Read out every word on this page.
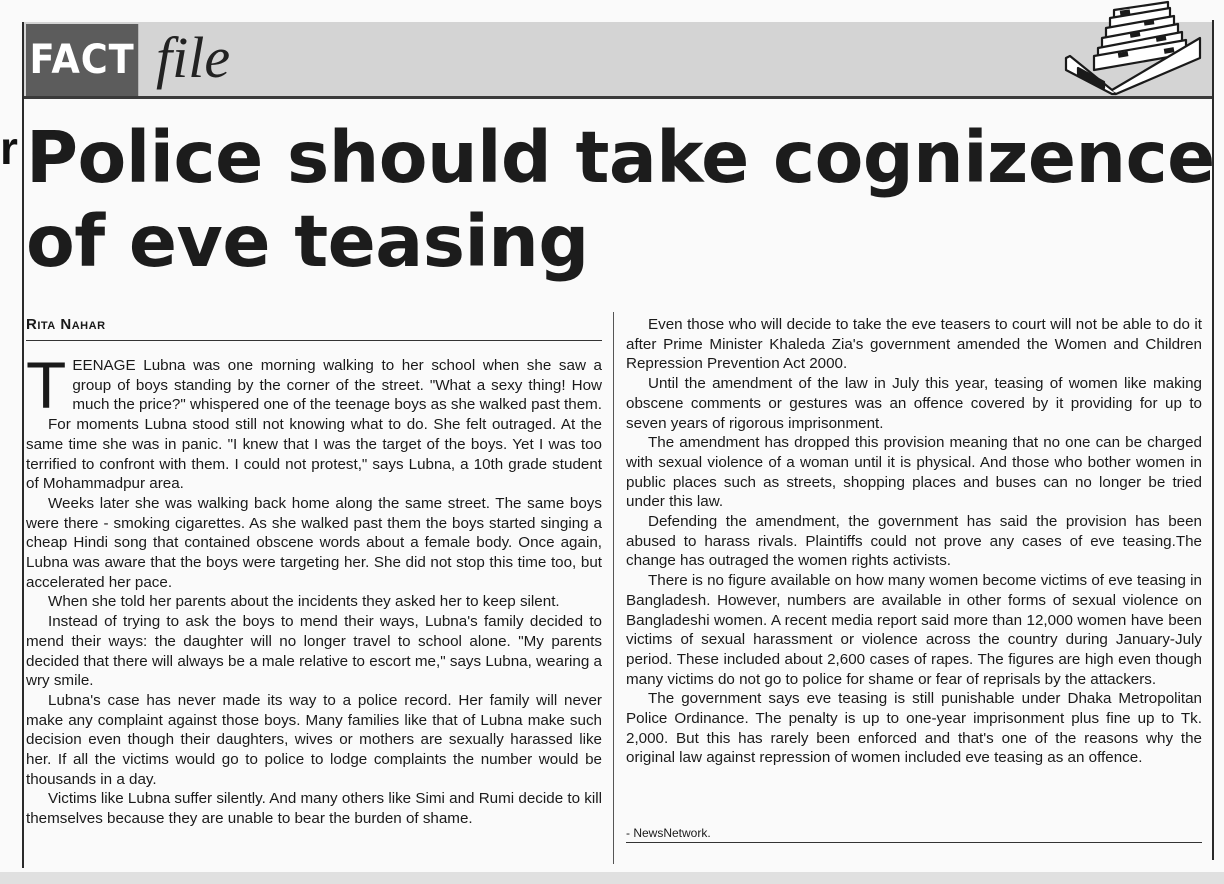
FACT file
r Police should take cognizence of eve teasing
Rita Nahar

TEENAGE Lubna was one morning walking to her school when she saw a group of boys standing by the corner of the street. "What a sexy thing! How much the price?" whispered one of the teenage boys as she walked past them.

For moments Lubna stood still not knowing what to do. She felt outraged. At the same time she was in panic. "I knew that I was the target of the boys. Yet I was too terrified to confront with them. I could not protest," says Lubna, a 10th grade student of Mohammadpur area.

Weeks later she was walking back home along the same street. The same boys were there - smoking cigarettes. As she walked past them the boys started singing a cheap Hindi song that contained obscene words about a female body. Once again, Lubna was aware that the boys were targeting her. She did not stop this time too, but accelerated her pace.

When she told her parents about the incidents they asked her to keep silent.

Instead of trying to ask the boys to mend their ways, Lubna's family decided to mend their ways: the daughter will no longer travel to school alone. "My parents decided that there will always be a male relative to escort me," says Lubna, wearing a wry smile.

Lubna's case has never made its way to a police record. Her family will never make any complaint against those boys. Many families like that of Lubna make such decision even though their daughters, wives or mothers are sexually harassed like her. If all the victims would go to police to lodge complaints the number would be thousands in a day.

Victims like Lubna suffer silently. And many others like Simi and Rumi decide to kill themselves because they are unable to bear the burden of shame.

Even those who will decide to take the eve teasers to court will not be able to do it after Prime Minister Khaleda Zia's government amended the Women and Children Repression Prevention Act 2000.

Until the amendment of the law in July this year, teasing of women like making obscene comments or gestures was an offence covered by it providing for up to seven years of rigorous imprisonment.

The amendment has dropped this provision meaning that no one can be charged with sexual violence of a woman until it is physical. And those who bother women in public places such as streets, shopping places and buses can no longer be tried under this law.

Defending the amendment, the government has said the provision has been abused to harass rivals. Plaintiffs could not prove any cases of eve teasing.The change has outraged the women rights activists.

There is no figure available on how many women become victims of eve teasing in Bangladesh. However, numbers are available in other forms of sexual violence on Bangladeshi women. A recent media report said more than 12,000 women have been victims of sexual harassment or violence across the country during January-July period. These included about 2,600 cases of rapes. The figures are high even though many victims do not go to police for shame or fear of reprisals by the attackers.

The government says eve teasing is still punishable under Dhaka Metropolitan Police Ordinance. The penalty is up to one-year imprisonment plus fine up to Tk. 2,000. But this has rarely been enforced and that's one of the reasons why the original law against repression of women included eve teasing as an offence.

- NewsNetwork.
